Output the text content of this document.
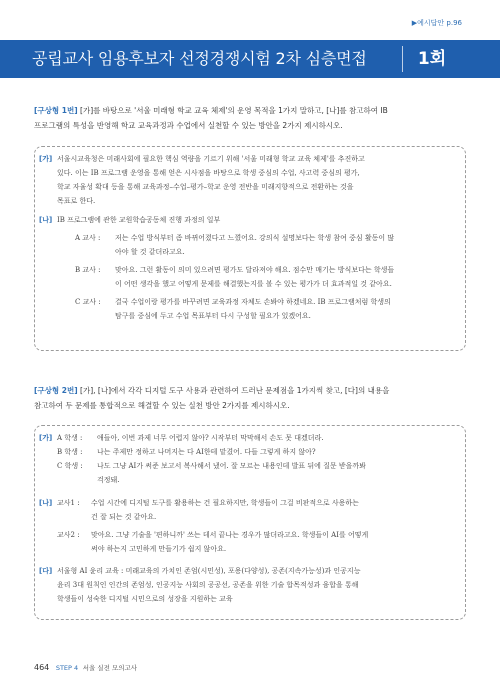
▶예시답안 p.96
공립교사 임용후보자 선정경쟁시험 2차 심층면접	1회
[구상형 1번] [가]를 바탕으로 '서울 미래형 학교 교육 체제'의 운영 목적을 1가지 말하고, [나]를 참고하여 IB
프로그램의 특성을 반영해 학교 교육과정과 수업에서 실천할 수 있는 방안을 2가지 제시하시오.
[가] 서울시교육청은 미래사회에 필요한 핵심 역량을 기르기 위해 '서울 미래형 학교 교육 체제'를 추진하고
있다. 이는 IB 프로그램 운영을 통해 얻은 시사점을 바탕으로 학생 중심의 수업, 사고력 중심의 평가,
학교 자율성 확대 등을 통해 교육과정–수업–평가–학교 운영 전반을 미래지향적으로 전환하는 것을
목표로 한다.
[나] IB 프로그램에 관한 교원학습공동체 진행 과정의 일부
A 교사 : 저는 수업 방식부터 좀 바뀌어졌다고 느꼈어요. 강의식 설명보다는 학생 참여 중심 활동이 많
아야 할 것 같더라고요.
B 교사 : 맞아요. 그런 활동이 의미 있으려면 평가도 달라져야 해요. 점수만 매기는 방식보다는 학생들
이 어떤 생각을 했고 어떻게 문제를 해결했는지를 볼 수 있는 평가가 더 효과적일 것 같아요.
C 교사 : 결국 수업이랑 평가를 바꾸려면 교육과정 자체도 손봐야 하겠네요. IB 프로그램처럼 학생의
탐구를 중심에 두고 수업 목표부터 다시 구성할 필요가 있겠어요.
[구상형 2번] [가], [나]에서 각각 디지털 도구 사용과 관련하여 드러난 문제점을 1가지씩 찾고, [다]의 내용을
참고하여 두 문제를 통합적으로 해결할 수 있는 실천 방안 2가지를 제시하시오.
[가] A 학생 : 애들아, 이번 과제 너무 어렵지 않아? 시작부터 막막해서 손도 못 대겠더라.
B 학생 : 나는 주제만 정하고 나머지는 다 AI한테 맡겼어. 다들 그렇게 하지 않아?
C 학생 : 나도 그냥 AI가 써준 보고서 복사해서 냈어. 잘 모르는 내용인데 발표 뒤에 질문 받을까봐
걱정돼.
[나] 교사1 : 수업 시간에 디지털 도구를 활용하는 건 필요하지만, 학생들이 그걸 비판적으로 사용하는
건 잘 되는 것 같아요.
교사2 : 맞아요. 그냥 기술을 '편하니까' 쓰는 데서 끝나는 경우가 많더라고요. 학생들이 AI를 어떻게
써야 하는지 고민하게 만들기가 쉽지 않아요.
[다] 서울형 AI 윤리 교육 : 미래교육의 가치인 존엄(시민성), 포용(다양성), 공존(지속가능성)과 인공지능
윤리 3대 원칙인 인간의 존엄성, 인공지능 사회의 공공선, 공존을 위한 기술 합목적성과 융합을 통해
학생들이 성숙한 디지털 시민으로의 성장을 지원하는 교육
464 STEP 4 서울 실전 모의고사
